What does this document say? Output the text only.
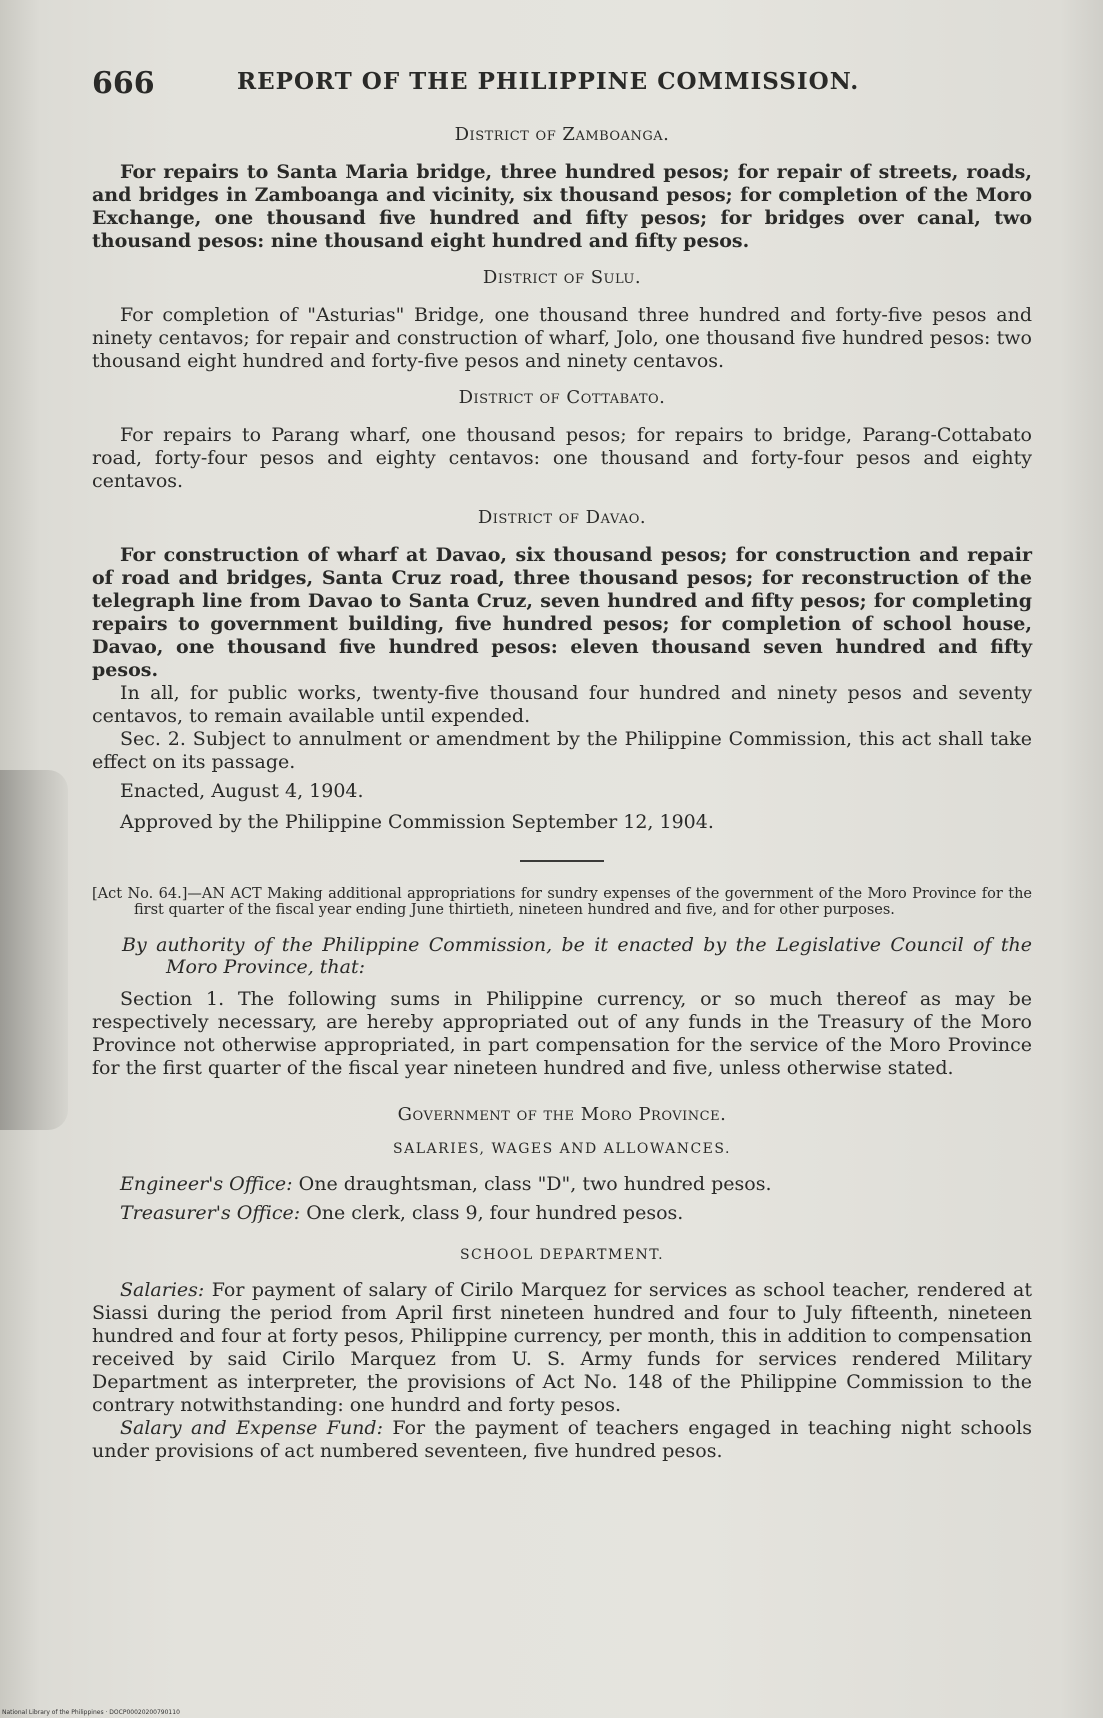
666	REPORT OF THE PHILIPPINE COMMISSION.
District of Zamboanga.

For repairs to Santa Maria bridge, three hundred pesos; for repair of streets, roads, and bridges in Zamboanga and vicinity, six thousand pesos; for completion of the Moro Exchange, one thousand five hundred and fifty pesos; for bridges over canal, two thousand pesos: nine thousand eight hundred and fifty pesos.

District of Sulu.

For completion of "Asturias" Bridge, one thousand three hundred and forty-five pesos and ninety centavos; for repair and construction of wharf, Jolo, one thousand five hundred pesos: two thousand eight hundred and forty-five pesos and ninety centavos.

District of Cottabato.

For repairs to Parang wharf, one thousand pesos; for repairs to bridge, Parang-Cottabato road, forty-four pesos and eighty centavos: one thousand and forty-four pesos and eighty centavos.

District of Davao.

For construction of wharf at Davao, six thousand pesos; for construction and repair of road and bridges, Santa Cruz road, three thousand pesos; for reconstruction of the telegraph line from Davao to Santa Cruz, seven hundred and fifty pesos; for completing repairs to government building, five hundred pesos; for completion of school house, Davao, one thousand five hundred pesos: eleven thousand seven hundred and fifty pesos.

In all, for public works, twenty-five thousand four hundred and ninety pesos and seventy centavos, to remain available until expended.

Sec. 2. Subject to annulment or amendment by the Philippine Commission, this act shall take effect on its passage.

Enacted, August 4, 1904.

Approved by the Philippine Commission September 12, 1904.

[Act No. 64.]—AN ACT Making additional appropriations for sundry expenses of the government of the Moro Province for the first quarter of the fiscal year ending June thirtieth, nineteen hundred and five, and for other purposes.

By authority of the Philippine Commission, be it enacted by the Legislative Council of the Moro Province, that:

Section 1. The following sums in Philippine currency, or so much thereof as may be respectively necessary, are hereby appropriated out of any funds in the Treasury of the Moro Province not otherwise appropriated, in part compensation for the service of the Moro Province for the first quarter of the fiscal year nineteen hundred and five, unless otherwise stated.

Government of the Moro Province.
SALARIES, WAGES AND ALLOWANCES.

Engineer's Office: One draughtsman, class "D", two hundred pesos.

Treasurer's Office: One clerk, class 9, four hundred pesos.

SCHOOL DEPARTMENT.

Salaries: For payment of salary of Cirilo Marquez for services as school teacher, rendered at Siassi during the period from April first nineteen hundred and four to July fifteenth, nineteen hundred and four at forty pesos, Philippine currency, per month, this in addition to compensation received by said Cirilo Marquez from U. S. Army funds for services rendered Military Department as interpreter, the provisions of Act No. 148 of the Philippine Commission to the contrary notwithstanding: one hundrd and forty pesos.

Salary and Expense Fund: For the payment of teachers engaged in teaching night schools under provisions of act numbered seventeen, five hundred pesos.

National Library of the Philippines · DOCP00020200790110
